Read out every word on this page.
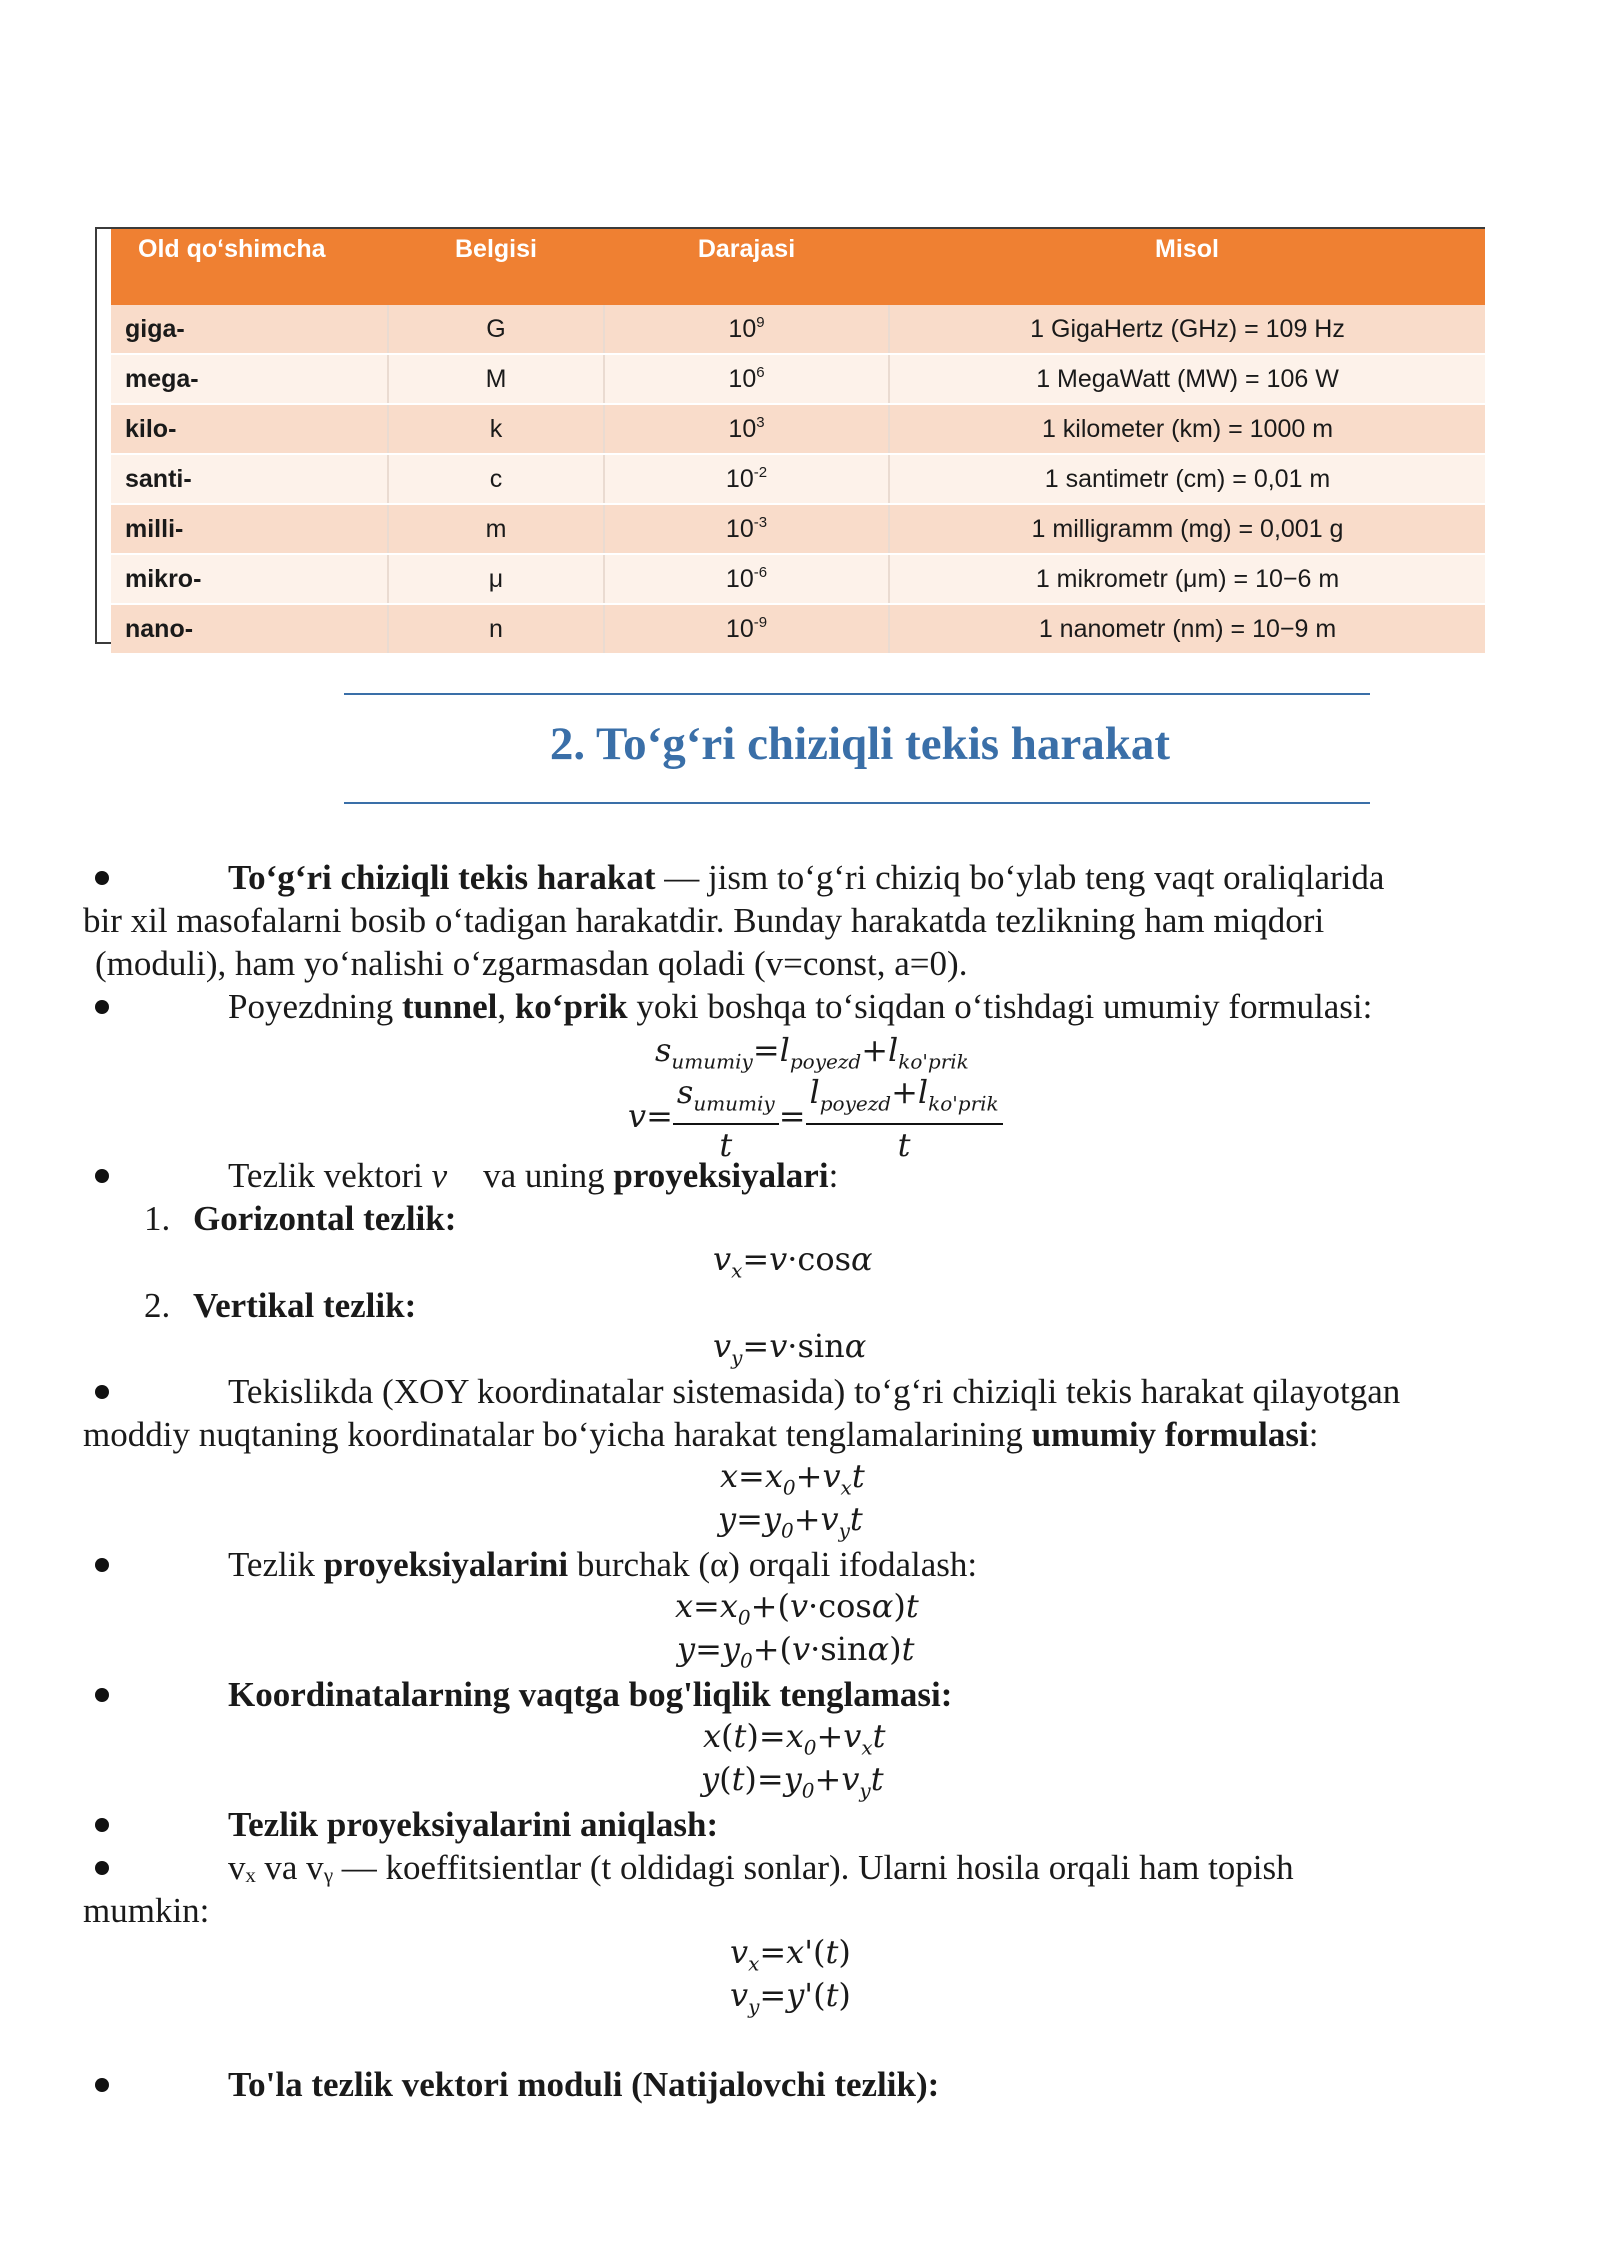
Old qo‘shimcha	Belgisi	Darajasi	Misol
giga-	G	$10^9$	1 GigaHertz (GHz) = 109 Hz
mega-	M	$10^6$	1 MegaWatt (MW) = 106 W
kilo-	k	$10^3$	1 kilometer (km) = 1000 m
santi-	c	$10^{-2}$	1 santimetr (cm) = 0,01 m
milli-	m	$10^{-3}$	1 milligramm (mg) = 0,001 g
mikro-	μ	$10^{-6}$	1 mikrometr (μm) = 10−6 m
nano-	n	$10^{-9}$	1 nanometr (nm) = 10−9 m
2. To‘g‘ri chiziqli tekis harakat
To‘g‘ri chiziqli tekis harakat — jism to‘g‘ri chiziq bo‘ylab teng vaqt oraliqlarida
bir xil masofalarni bosib o‘tadigan harakatdir. Bunday harakatda tezlikning ham miqdori
(moduli), ham yo‘nalishi o‘zgarmasdan qoladi (v=const, a=0).
Poyezdning tunnel, ko‘prik yoki boshqa to‘siqdan o‘tishdagi umumiy formulasi:
$s_{umumiy}=l_{poyezd}+l_{ko'prik}$
$v= \frac{s_{umumiy}}{t} = \frac{l_{poyezd}+l_{ko'prik}}{t}$
Tezlik vektori v⃗ va uning proyeksiyalari:
1. Gorizontal tezlik:
$v_x=v\cdot\cos\alpha$
2. Vertikal tezlik:
$v_y=v\cdot\sin\alpha$
Tekislikda (XOY koordinatalar sistemasida) to‘g‘ri chiziqli tekis harakat qilayotgan
moddiy nuqtaning koordinatalar bo‘yicha harakat tenglamalarining umumiy formulasi:
$x=x_0+v_xt$
$y=y_0+v_yt$
Tezlik proyeksiyalarini burchak (α) orqali ifodalash:
$x=x_0+(v\cdot\cos\alpha)t$
$y=y_0+(v\cdot\sin\alpha)t$
Koordinatalarning vaqtga bog'liqlik tenglamasi:
$x(t)=x_0+v_xt$
$y(t)=y_0+v_yt$
Tezlik proyeksiyalarini aniqlash:
vₓ va vᵧ — koeffitsientlar (t oldidagi sonlar). Ularni hosila orqali ham topish
mumkin:
$v_x=x'(t)$
$v_y=y'(t)$
To'la tezlik vektori moduli (Natijalovchi tezlik):
